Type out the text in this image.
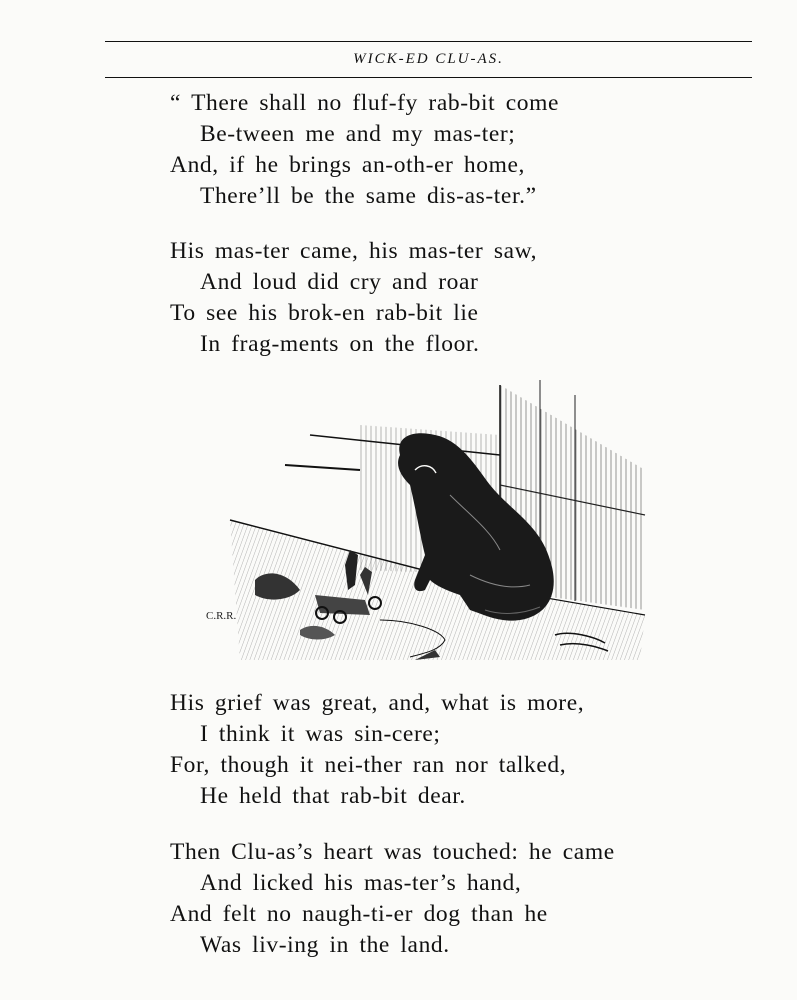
WICK-ED CLU-AS.
“ There shall no fluf-fy rab-bit come
Be-tween me and my mas-ter;
And, if he brings an-oth-er home,
There’ll be the same dis-as-ter.”
His mas-ter came, his mas-ter saw,
And loud did cry and roar
To see his brok-en rab-bit lie
In frag-ments on the floor.
C.R.R.
His grief was great, and, what is more,
I think it was sin-cere;
For, though it nei-ther ran nor talked,
He held that rab-bit dear.
Then Clu-as’s heart was touched: he came
And licked his mas-ter’s hand,
And felt no naugh-ti-er dog than he
Was liv-ing in the land.
